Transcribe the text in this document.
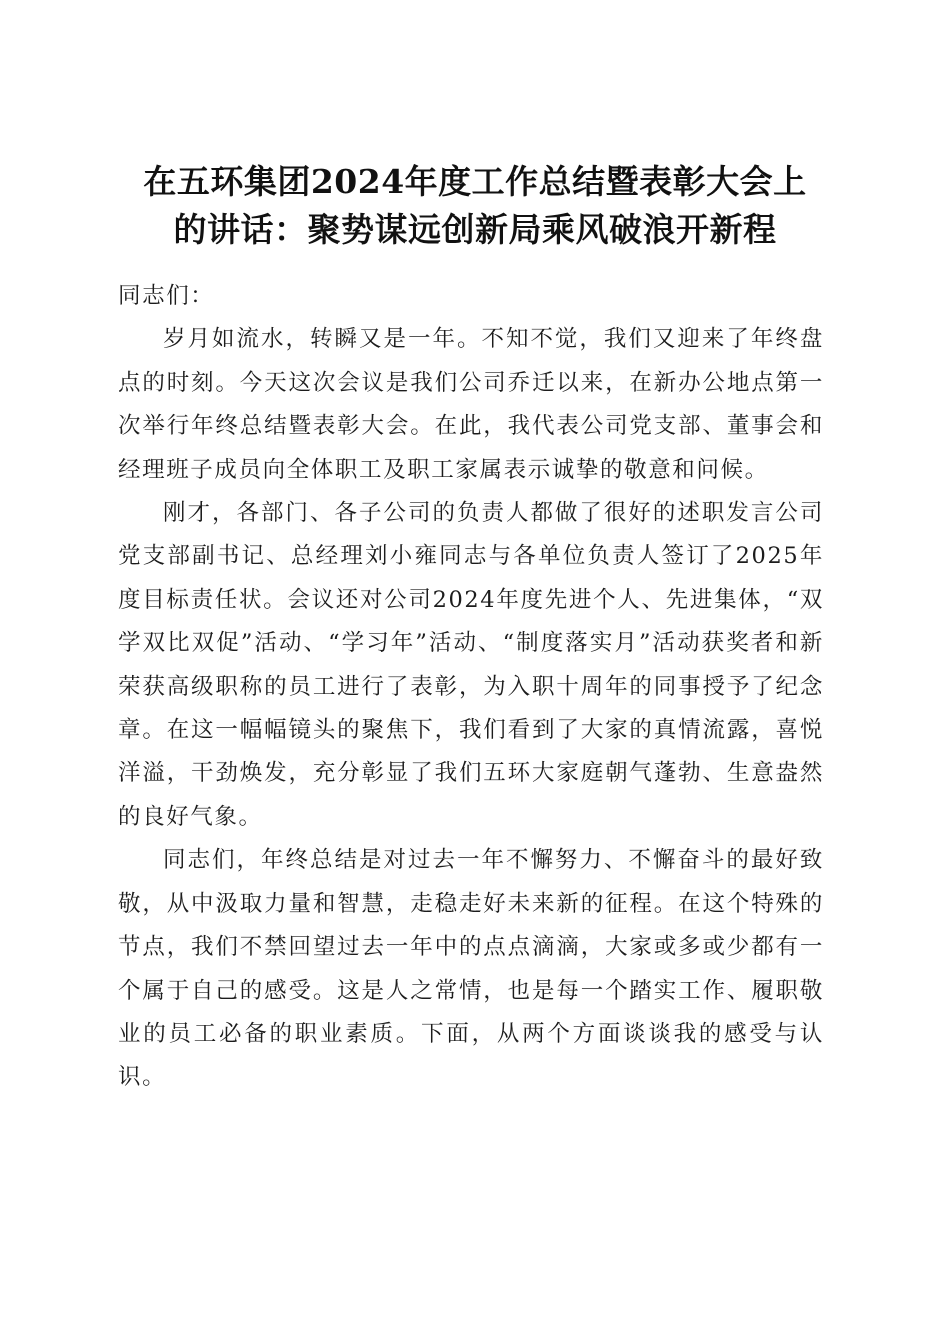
在五环集团2024年度工作总结暨表彰大会上
的讲话：聚势谋远创新局乘风破浪开新程

同志们：

岁月如流水，转瞬又是一年。不知不觉，我们又迎来了年终盘点的时刻。今天这次会议是我们公司乔迁以来，在新办公地点第一次举行年终总结暨表彰大会。在此，我代表公司党支部、董事会和经理班子成员向全体职工及职工家属表示诚挚的敬意和问候。

刚才，各部门、各子公司的负责人都做了很好的述职发言公司党支部副书记、总经理刘小雍同志与各单位负责人签订了2025年度目标责任状。会议还对公司2024年度先进个人、先进集体，“双学双比双促”活动、“学习年”活动、“制度落实月”活动获奖者和新荣获高级职称的员工进行了表彰，为入职十周年的同事授予了纪念章。在这一幅幅镜头的聚焦下，我们看到了大家的真情流露，喜悦洋溢，干劲焕发，充分彰显了我们五环大家庭朝气蓬勃、生意盎然的良好气象。

同志们，年终总结是对过去一年不懈努力、不懈奋斗的最好致敬，从中汲取力量和智慧，走稳走好未来新的征程。在这个特殊的节点，我们不禁回望过去一年中的点点滴滴，大家或多或少都有一个属于自己的感受。这是人之常情，也是每一个踏实工作、履职敬业的员工必备的职业素质。下面，从两个方面谈谈我的感受与认识。
